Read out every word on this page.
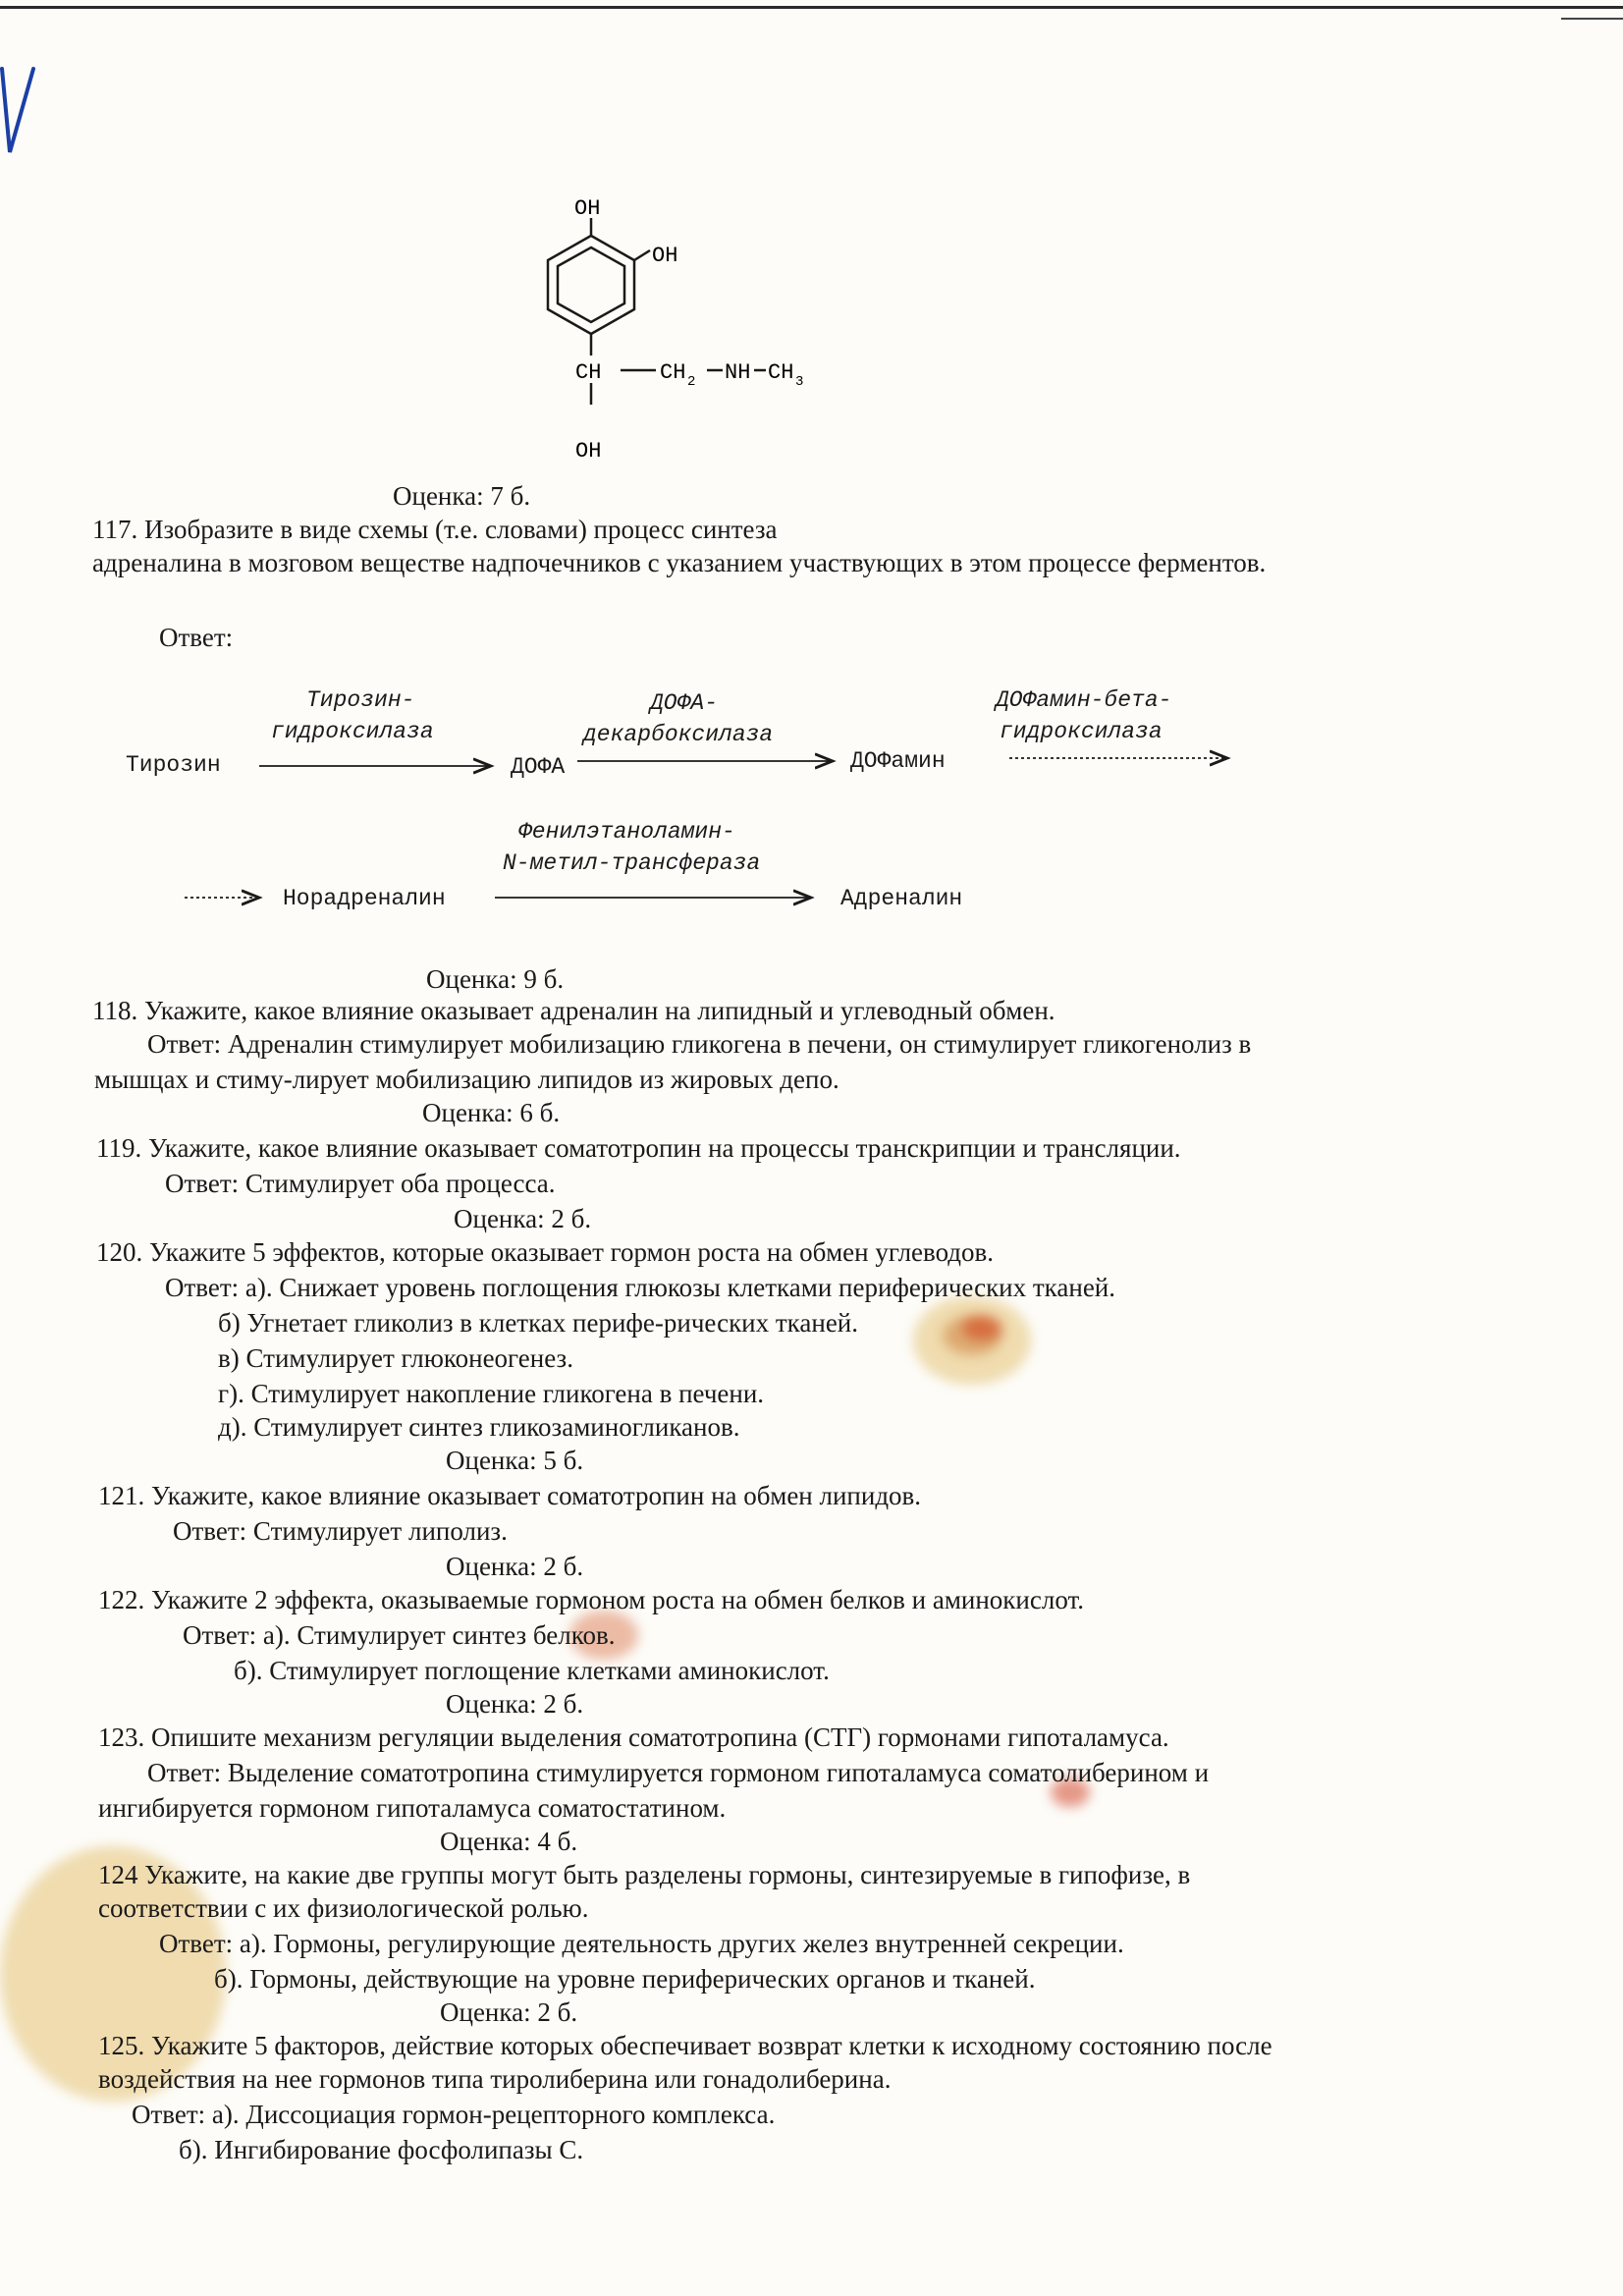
OH
OH
CH	CH 2 NH CH 3
OH
Оценка: 7 б.
117. Изобразите в виде схемы (т.е. словами) процесс синтеза
адреналина в мозговом веществе надпочечников с указанием участвующих в этом процессе ферментов.
Ответ:
Тирозин-
гидроксилаза
ДОФА-
декарбоксилаза
ДОФамин-бета-
гидроксилаза
Тирозин	ДОФА	ДОФамин
Фенилэтаноламин-
N-метил-трансфераза
Норадреналин	Адреналин
Оценка: 9 б.
118. Укажите, какое влияние оказывает адреналин на липидный и углеводный обмен.
Ответ: Адреналин стимулирует мобилизацию гликогена в печени, он стимулирует гликогенолиз в
мышцах и стиму-лирует мобилизацию липидов из жировых депо.
Оценка: 6 б.
119. Укажите, какое влияние оказывает соматотропин на процессы транскрипции и трансляции.
Ответ: Стимулирует оба процесса.
Оценка: 2 б.
120. Укажите 5 эффектов, которые оказывает гормон роста на обмен углеводов.
Ответ: а). Снижает уровень поглощения глюкозы клетками периферических тканей.
б) Угнетает гликолиз в клетках перифе-рических тканей.
в) Стимулирует глюконеогенез.
г). Стимулирует накопление гликогена в печени.
д). Стимулирует синтез гликозаминогликанов.
Оценка: 5 б.
121. Укажите, какое влияние оказывает соматотропин на обмен липидов.
Ответ: Стимулирует липолиз.
Оценка: 2 б.
122. Укажите 2 эффекта, оказываемые гормоном роста на обмен белков и аминокислот.
Ответ: а). Стимулирует синтез белков.
б). Стимулирует поглощение клетками аминокислот.
Оценка: 2 б.
123. Опишите механизм регуляции выделения соматотропина (СТГ) гормонами гипоталамуса.
Ответ: Выделение соматотропина стимулируется гормоном гипоталамуса соматолиберином и
ингибируется гормоном гипоталамуса соматостатином.
Оценка: 4 б.
124 Укажите, на какие две группы могут быть разделены гормоны, синтезируемые в гипофизе, в
соответствии с их физиологической ролью.
Ответ: а). Гормоны, регулирующие деятельность других желез внутренней секреции.
б). Гормоны, действующие на уровне периферических органов и тканей.
Оценка: 2 б.
125. Укажите 5 факторов, действие которых обеспечивает возврат клетки к исходному состоянию после
воздействия на нее гормонов типа тиролиберина или гонадолиберина.
Ответ: а). Диссоциация гормон-рецепторного комплекса.
б). Ингибирование фосфолипазы С.
